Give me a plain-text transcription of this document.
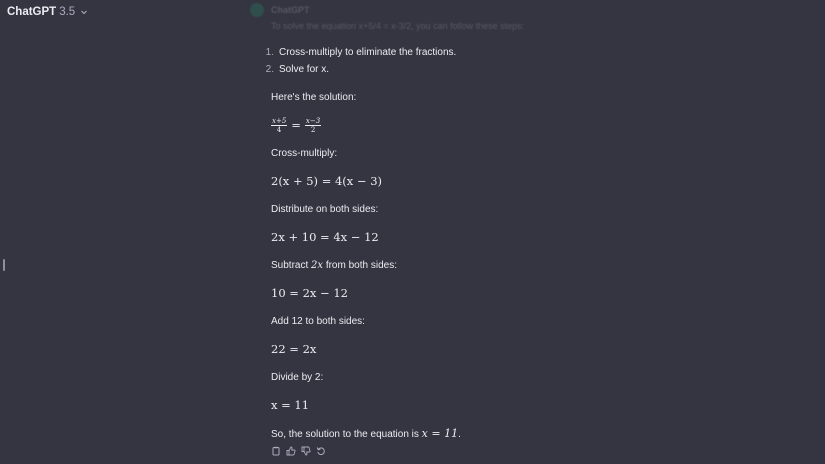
ChatGPT 3.5	ChatGPT
To solve the equation x+5/4 = x-3/2, you can follow these steps:
1. Cross-multiply to eliminate the fractions.
2. Solve for x.
Here's the solution:
$\frac{x+5}{4} = \frac{x-3}{2}$
Cross-multiply:
2(x + 5) = 4(x − 3)
Distribute on both sides:
2x + 10 = 4x − 12
Subtract 2x from both sides:
10 = 2x − 12
Add 12 to both sides:
22 = 2x
Divide by 2:
x = 11
So, the solution to the equation is x = 11.
